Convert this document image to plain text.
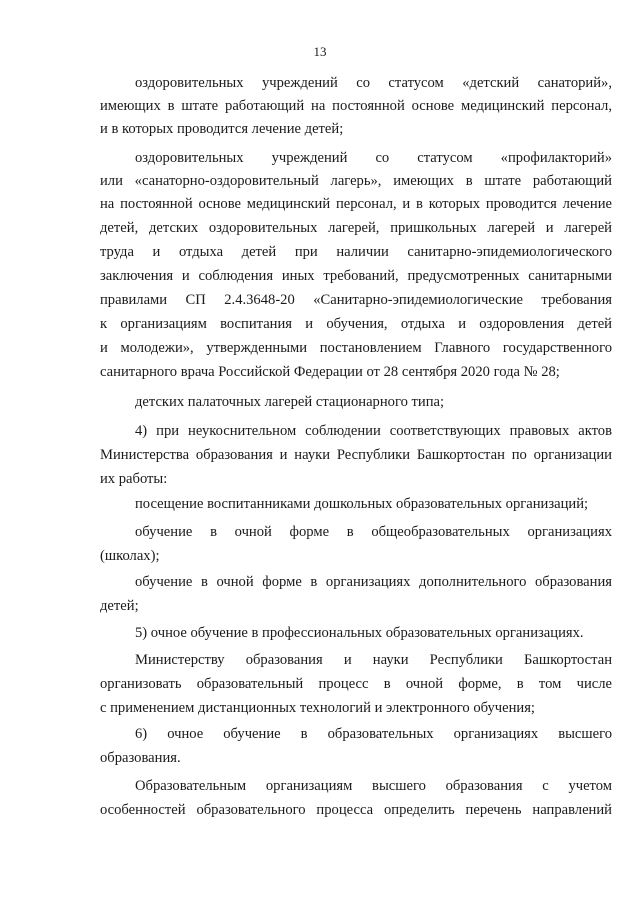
13
оздоровительных учреждений со статусом «детский санаторий»,
имеющих в штате работающий на постоянной основе медицинский персонал,
и в которых проводится лечение детей;
оздоровительных учреждений со статусом «профилакторий»
или «санаторно-оздоровительный лагерь», имеющих в штате работающий
на постоянной основе медицинский персонал, и в которых проводится лечение
детей, детских оздоровительных лагерей, пришкольных лагерей и лагерей
труда и отдыха детей при наличии санитарно-эпидемиологического
заключения и соблюдения иных требований, предусмотренных санитарными
правилами СП 2.4.3648-20 «Санитарно-эпидемиологические требования
к организациям воспитания и обучения, отдыха и оздоровления детей
и молодежи», утвержденными постановлением Главного государственного
санитарного врача Российской Федерации от 28 сентября 2020 года № 28;
детских палаточных лагерей стационарного типа;
4) при неукоснительном соблюдении соответствующих правовых актов
Министерства образования и науки Республики Башкортостан по организации
их работы:
посещение воспитанниками дошкольных образовательных организаций;
обучение в очной форме в общеобразовательных организациях
(школах);
обучение в очной форме в организациях дополнительного образования
детей;
5) очное обучение в профессиональных образовательных организациях.
Министерству образования и науки Республики Башкортостан
организовать образовательный процесс в очной форме, в том числе
с применением дистанционных технологий и электронного обучения;
6) очное обучение в образовательных организациях высшего
образования.
Образовательным организациям высшего образования с учетом
особенностей образовательного процесса определить перечень направлений
